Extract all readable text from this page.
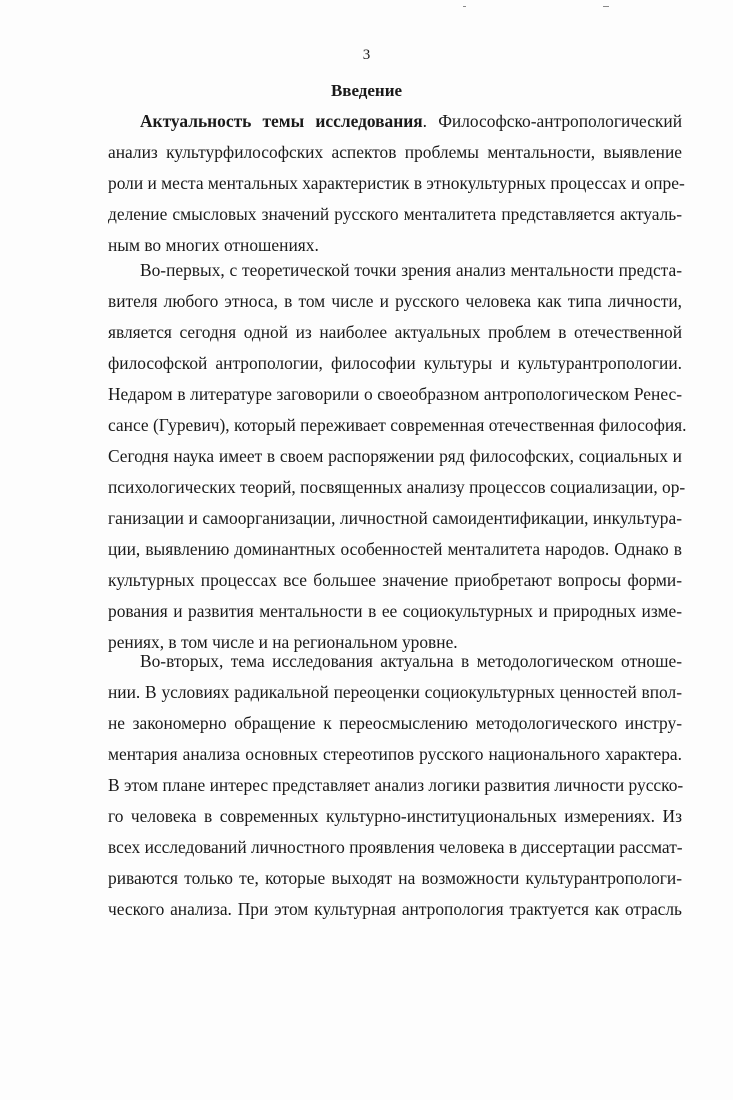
3
Введение
Актуальность темы исследования. Философско-антропологический
анализ культурфилософских аспектов проблемы ментальности, выявление
роли и места ментальных характеристик в этнокультурных процессах и опре-
деление смысловых значений русского менталитета представляется актуаль-
ным во многих отношениях.
Во-первых, с теоретической точки зрения анализ ментальности предста-
вителя любого этноса, в том числе и русского человека как типа личности,
является сегодня одной из наиболее актуальных проблем в отечественной
философской антропологии, философии культуры и культурантропологии.
Недаром в литературе заговорили о своеобразном антропологическом Ренес-
сансе (Гуревич), который переживает современная отечественная философия.
Сегодня наука имеет в своем распоряжении ряд философских, социальных и
психологических теорий, посвященных анализу процессов социализации, ор-
ганизации и самоорганизации, личностной самоидентификации, инкультура-
ции, выявлению доминантных особенностей менталитета народов. Однако в
культурных процессах все большее значение приобретают вопросы форми-
рования и развития ментальности в ее социокультурных и природных изме-
рениях, в том числе и на региональном уровне.
Во-вторых, тема исследования актуальна в методологическом отноше-
нии. В условиях радикальной переоценки социокультурных ценностей впол-
не закономерно обращение к переосмыслению методологического инстру-
ментария анализа основных стереотипов русского национального характера.
В этом плане интерес представляет анализ логики развития личности русско-
го человека в современных культурно-институциональных измерениях. Из
всех исследований личностного проявления человека в диссертации рассмат-
риваются только те, которые выходят на возможности культурантропологи-
ческого анализа. При этом культурная антропология трактуется как отрасль
